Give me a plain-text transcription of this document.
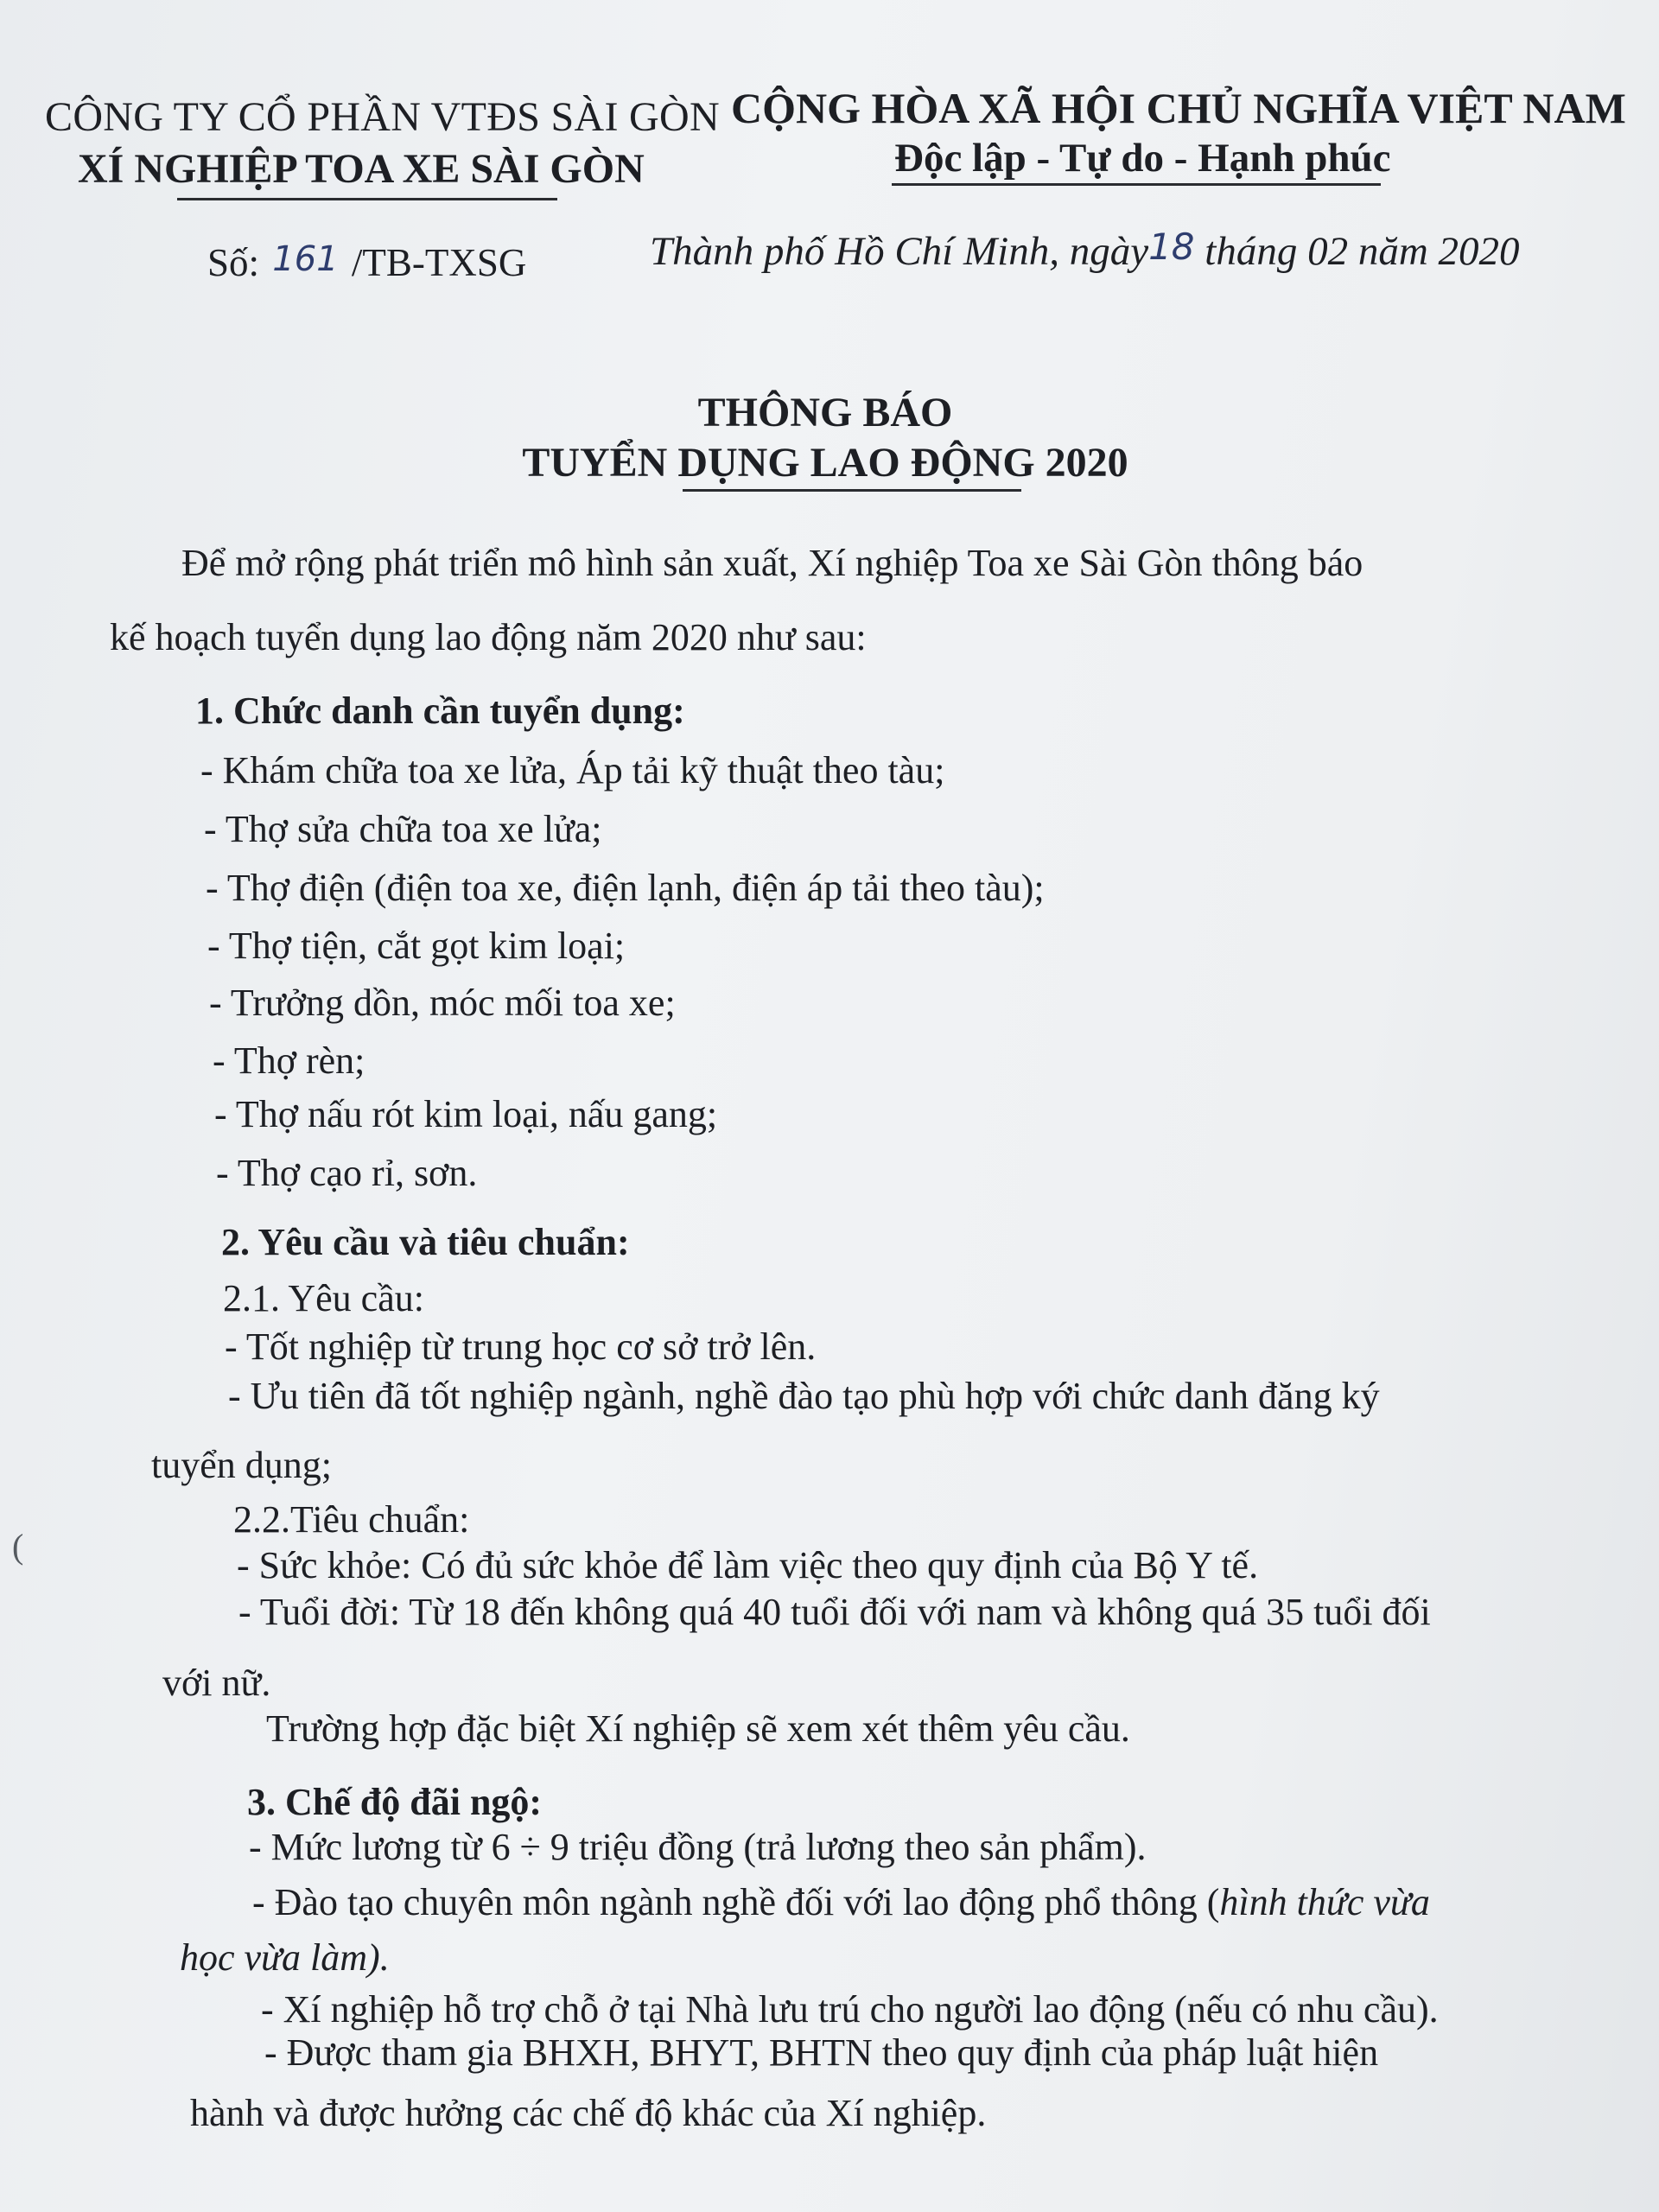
CÔNG TY CỔ PHẦN VTĐS SÀI GÒN
XÍ NGHIỆP TOA XE SÀI GÒN
CỘNG HÒA XÃ HỘI CHỦ NGHĨA VIỆT NAM
Độc lập - Tự do - Hạnh phúc
Số: 161 /TB-TXSG	Thành phố Hồ Chí Minh, ngày18 tháng 02 năm 2020
THÔNG BÁO
TUYỂN DỤNG LAO ĐỘNG 2020
Để mở rộng phát triển mô hình sản xuất, Xí nghiệp Toa xe Sài Gòn thông báo
kế hoạch tuyển dụng lao động năm 2020 như sau:
1. Chức danh cần tuyển dụng:
- Khám chữa toa xe lửa, Áp tải kỹ thuật theo tàu;
- Thợ sửa chữa toa xe lửa;
- Thợ điện (điện toa xe, điện lạnh, điện áp tải theo tàu);
- Thợ tiện, cắt gọt kim loại;
- Trưởng dồn, móc mối toa xe;
- Thợ rèn;
- Thợ nấu rót kim loại, nấu gang;
- Thợ cạo rỉ, sơn.
2. Yêu cầu và tiêu chuẩn:
2.1. Yêu cầu:
- Tốt nghiệp từ trung học cơ sở trở lên.
- Ưu tiên đã tốt nghiệp ngành, nghề đào tạo phù hợp với chức danh đăng ký
tuyển dụng;
2.2.Tiêu chuẩn:
- Sức khỏe: Có đủ sức khỏe để làm việc theo quy định của Bộ Y tế.
- Tuổi đời: Từ 18 đến không quá 40 tuổi đối với nam và không quá 35 tuổi đối
với nữ.
Trường hợp đặc biệt Xí nghiệp sẽ xem xét thêm yêu cầu.
3. Chế độ đãi ngộ:
- Mức lương từ 6 ÷ 9 triệu đồng (trả lương theo sản phẩm).
- Đào tạo chuyên môn ngành nghề đối với lao động phổ thông (hình thức vừa
học vừa làm).
- Xí nghiệp hỗ trợ chỗ ở tại Nhà lưu trú cho người lao động (nếu có nhu cầu).
- Được tham gia BHXH, BHYT, BHTN theo quy định của pháp luật hiện
hành và được hưởng các chế độ khác của Xí nghiệp.
(
